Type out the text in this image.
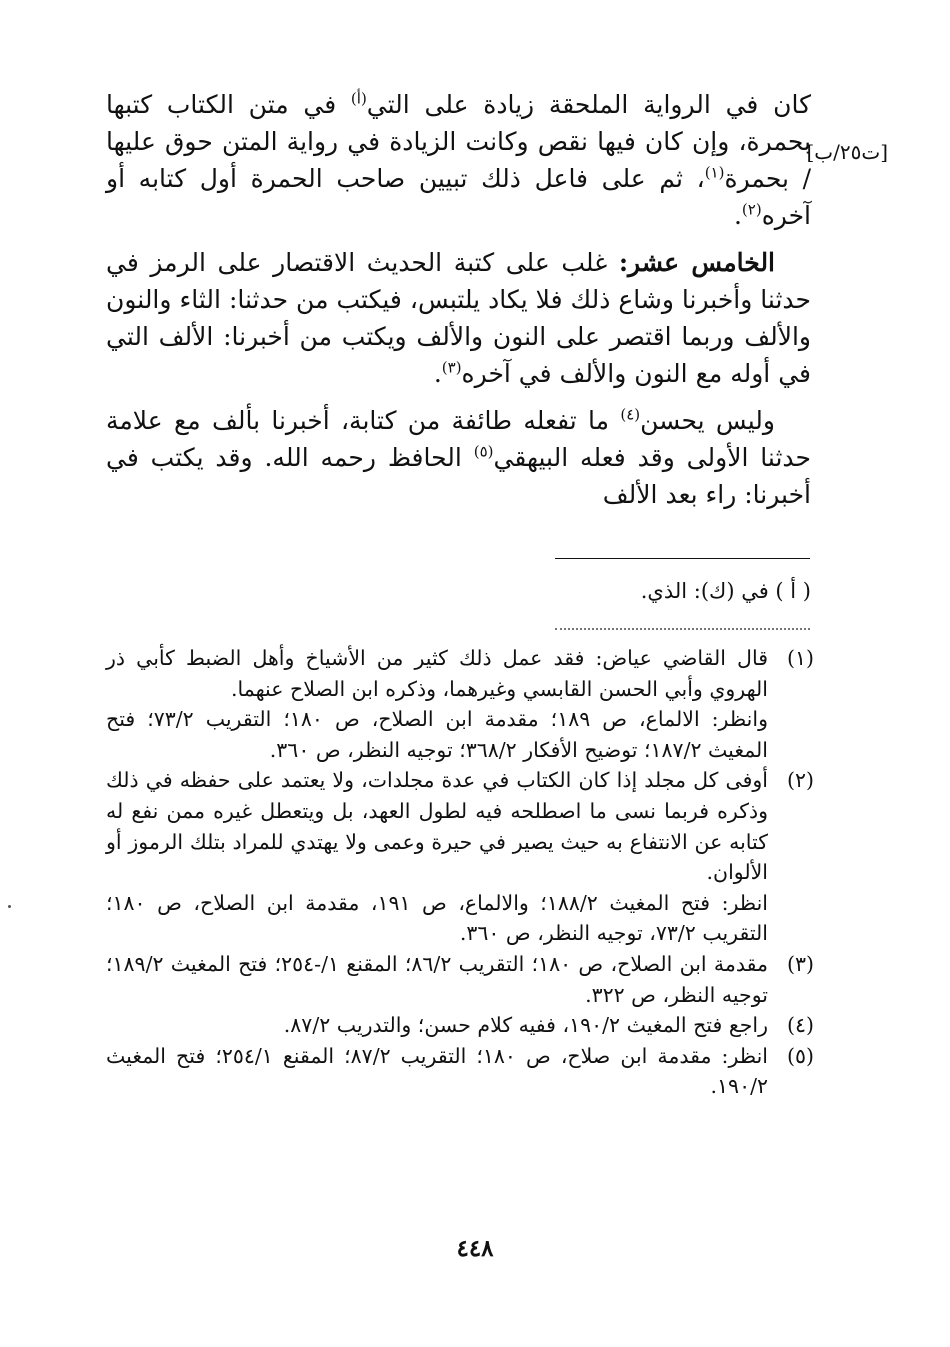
[ت٢٥/ب]

كان في الرواية الملحقة زيادة على التي$^{(أ)}$ في متن الكتاب كتبها بحمرة، وإن كان فيها نقص وكانت الزيادة في رواية المتن حوق عليها / بحمرة$^{(١)}$، ثم على فاعل ذلك تبيين صاحب الحمرة أول كتابه أو آخره$^{(٢)}$.

الخامس عشر: غلب على كتبة الحديث الاقتصار على الرمز في حدثنا وأخبرنا وشاع ذلك فلا يكاد يلتبس، فيكتب من حدثنا: الثاء والنون والألف وربما اقتصر على النون والألف ويكتب من أخبرنا: الألف التي في أوله مع النون والألف في آخره$^{(٣)}$.

وليس يحسن$^{(٤)}$ ما تفعله طائفة من كتابة، أخبرنا بألف مع علامة حدثنا الأولى وقد فعله البيهقي$^{(٥)}$ الحافظ رحمه الله. وقد يكتب في أخبرنا: راء بعد الألف

( أ ) في (ك): الذي.
(١)
قال القاضي عياض: فقد عمل ذلك كثير من الأشياخ وأهل الضبط كأبي ذر الهروي وأبي الحسن القابسي وغيرهما، وذكره ابن الصلاح عنهما.
وانظر: الالماع، ص ١٨٩؛ مقدمة ابن الصلاح، ص ١٨٠؛ التقريب ٧٣/٢؛ فتح المغيث ١٨٧/٢؛ توضيح الأفكار ٣٦٨/٢؛ توجيه النظر، ص ٣٦٠.
(٢)
أوفى كل مجلد إذا كان الكتاب في عدة مجلدات، ولا يعتمد على حفظه في ذلك وذكره فربما نسى ما اصطلحه فيه لطول العهد، بل ويتعطل غيره ممن نفع له كتابه عن الانتفاع به حيث يصير في حيرة وعمى ولا يهتدي للمراد بتلك الرموز أو الألوان.
انظر: فتح المغيث ١٨٨/٢؛ والالماع، ص ١٩١، مقدمة ابن الصلاح، ص ١٨٠؛ التقريب ٧٣/٢، توجيه النظر، ص ٣٦٠.
(٣)
مقدمة ابن الصلاح، ص ١٨٠؛ التقريب ٨٦/٢؛ المقنع ١/-٢٥٤؛ فتح المغيث ١٨٩/٢؛ توجيه النظر، ص ٣٢٢.
(٤)
راجع فتح المغيث ١٩٠/٢، ففيه كلام حسن؛ والتدريب ٨٧/٢.
(٥)
انظر: مقدمة ابن صلاح، ص ١٨٠؛ التقريب ٨٧/٢؛ المقنع ٢٥٤/١؛ فتح المغيث ١٩٠/٢.
٤٤٨
